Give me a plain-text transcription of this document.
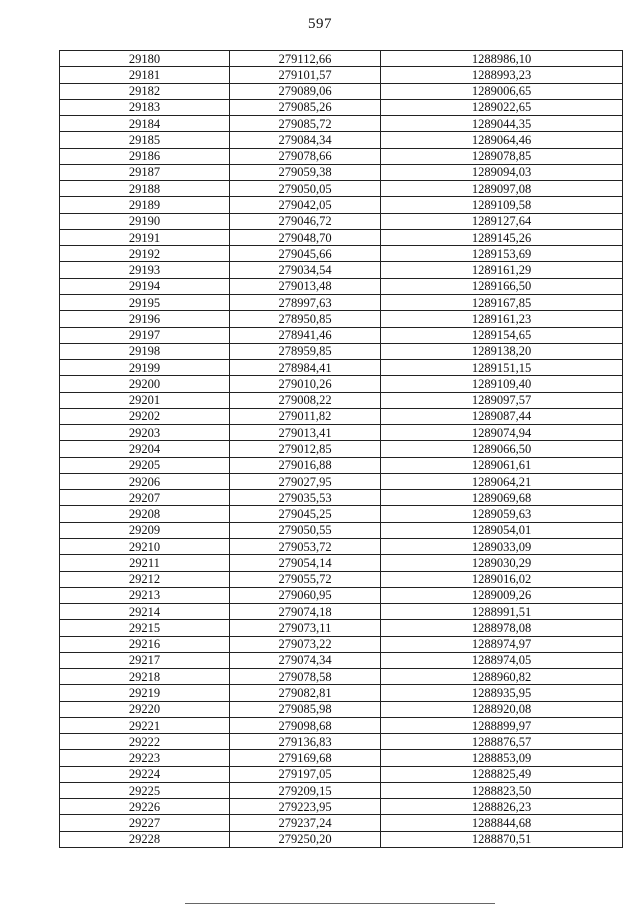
597
29180	279112,66	1288986,10
29181	279101,57	1288993,23
29182	279089,06	1289006,65
29183	279085,26	1289022,65
29184	279085,72	1289044,35
29185	279084,34	1289064,46
29186	279078,66	1289078,85
29187	279059,38	1289094,03
29188	279050,05	1289097,08
29189	279042,05	1289109,58
29190	279046,72	1289127,64
29191	279048,70	1289145,26
29192	279045,66	1289153,69
29193	279034,54	1289161,29
29194	279013,48	1289166,50
29195	278997,63	1289167,85
29196	278950,85	1289161,23
29197	278941,46	1289154,65
29198	278959,85	1289138,20
29199	278984,41	1289151,15
29200	279010,26	1289109,40
29201	279008,22	1289097,57
29202	279011,82	1289087,44
29203	279013,41	1289074,94
29204	279012,85	1289066,50
29205	279016,88	1289061,61
29206	279027,95	1289064,21
29207	279035,53	1289069,68
29208	279045,25	1289059,63
29209	279050,55	1289054,01
29210	279053,72	1289033,09
29211	279054,14	1289030,29
29212	279055,72	1289016,02
29213	279060,95	1289009,26
29214	279074,18	1288991,51
29215	279073,11	1288978,08
29216	279073,22	1288974,97
29217	279074,34	1288974,05
29218	279078,58	1288960,82
29219	279082,81	1288935,95
29220	279085,98	1288920,08
29221	279098,68	1288899,97
29222	279136,83	1288876,57
29223	279169,68	1288853,09
29224	279197,05	1288825,49
29225	279209,15	1288823,50
29226	279223,95	1288826,23
29227	279237,24	1288844,68
29228	279250,20	1288870,51
